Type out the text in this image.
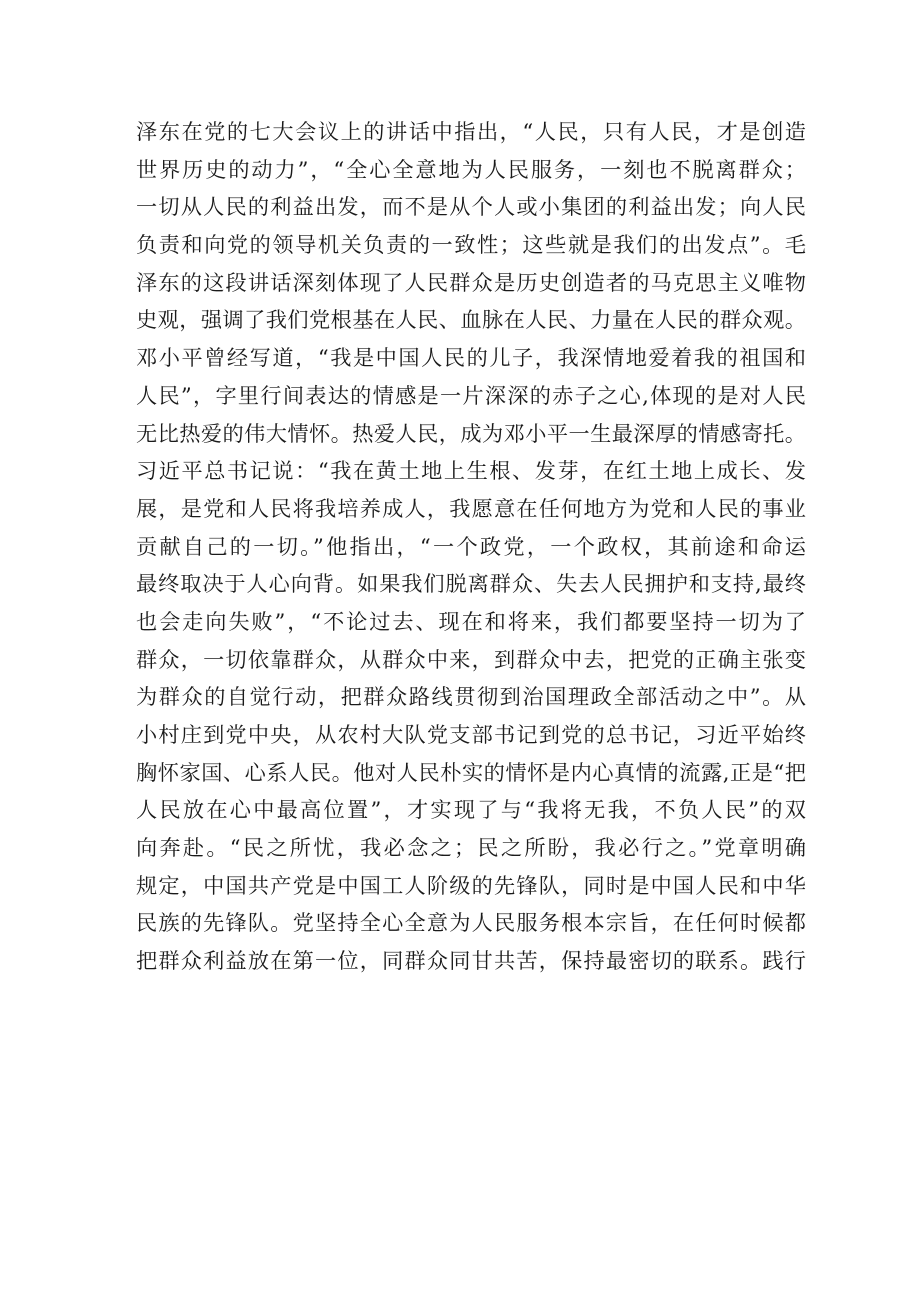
泽东在党的七大会议上的讲话中指出，“人民，只有人民，才是创造
世界历史的动力”，“全心全意地为人民服务，一刻也不脱离群众；
一切从人民的利益出发，而不是从个人或小集团的利益出发；向人民
负责和向党的领导机关负责的一致性；这些就是我们的出发点”。毛
泽东的这段讲话深刻体现了人民群众是历史创造者的马克思主义唯物
史观，强调了我们党根基在人民、血脉在人民、力量在人民的群众观。
邓小平曾经写道，“我是中国人民的儿子，我深情地爱着我的祖国和
人民”，字里行间表达的情感是一片深深的赤子之心,体现的是对人民
无比热爱的伟大情怀。热爱人民，成为邓小平一生最深厚的情感寄托。
习近平总书记说：“我在黄土地上生根、发芽，在红土地上成长、发
展，是党和人民将我培养成人，我愿意在任何地方为党和人民的事业
贡献自己的一切。”他指出，“一个政党，一个政权，其前途和命运
最终取决于人心向背。如果我们脱离群众、失去人民拥护和支持,最终
也会走向失败”，“不论过去、现在和将来，我们都要坚持一切为了
群众，一切依靠群众，从群众中来，到群众中去，把党的正确主张变
为群众的自觉行动，把群众路线贯彻到治国理政全部活动之中”。从
小村庄到党中央，从农村大队党支部书记到党的总书记，习近平始终
胸怀家国、心系人民。他对人民朴实的情怀是内心真情的流露,正是“把
人民放在心中最高位置”，才实现了与“我将无我，不负人民”的双
向奔赴。“民之所忧，我必念之；民之所盼，我必行之。”党章明确
规定，中国共产党是中国工人阶级的先锋队，同时是中国人民和中华
民族的先锋队。党坚持全心全意为人民服务根本宗旨，在任何时候都
把群众利益放在第一位，同群众同甘共苦，保持最密切的联系。践行
